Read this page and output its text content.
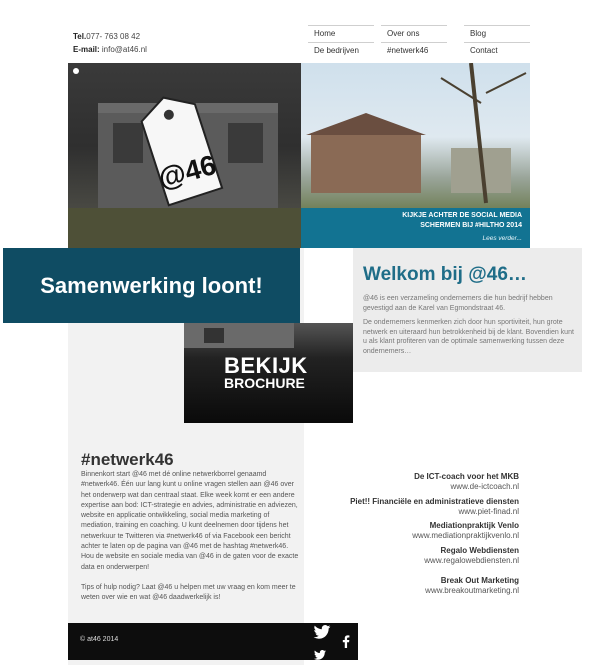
Tel.077- 763 08 42
E-mail: info@at46.nl
Home	Over ons	Blog
De bedrijven	#netwerk46	Contact
@46
KIJKJE ACHTER DE SOCIAL MEDIA
SCHERMEN BIJ #HILTHO 2014
Lees verder...
Samenwerking loont!	Welkom bij @46…

@46 is een verzameling ondernemers die hun bedrijf hebben gevestigd aan de Karel van Egmondstraat 46.

De ondernemers kenmerken zich door hun sportiviteit, hun grote netwerk en uiteraard hun betrokkenheid bij de klant. Bovendien kunt u als klant profiteren van de optimale samenwerking tussen deze ondernemers…

BEKIJK
BROCHURE
#netwerk46
Binnenkort start @46 met dé online netwerkborrel genaamd #netwerk46. Één uur lang kunt u online vragen stellen aan @46 over het onderwerp wat dan centraal staat. Elke week komt er een andere expertise aan bod: ICT-strategie en advies, administratie en adviezen, website en applicatie ontwikkeling, social media marketing of mediation, training en coaching. U kunt deelnemen door tijdens het netwerkuur te Twitteren via #netwerk46 of via Facebook een bericht achter te laten op de pagina van @46 met de hashtag #netwerk46. Hou de website en sociale media van @46 in de gaten voor de exacte data en onderwerpen!
Tips of hulp nodig? Laat @46 u helpen met uw vraag en kom meer te weten over wie en wat @46 daadwerkelijk is!
De ICT-coach voor het MKB
www.de-ictcoach.nl
Piet!! Financiële en administratieve diensten
www.piet-finad.nl
Mediationpraktijk Venlo
www.mediationpraktijkvenlo.nl
Regalo Webdiensten
www.regalowebdiensten.nl
Break Out Marketing
www.breakoutmarketing.nl
© at46 2014
